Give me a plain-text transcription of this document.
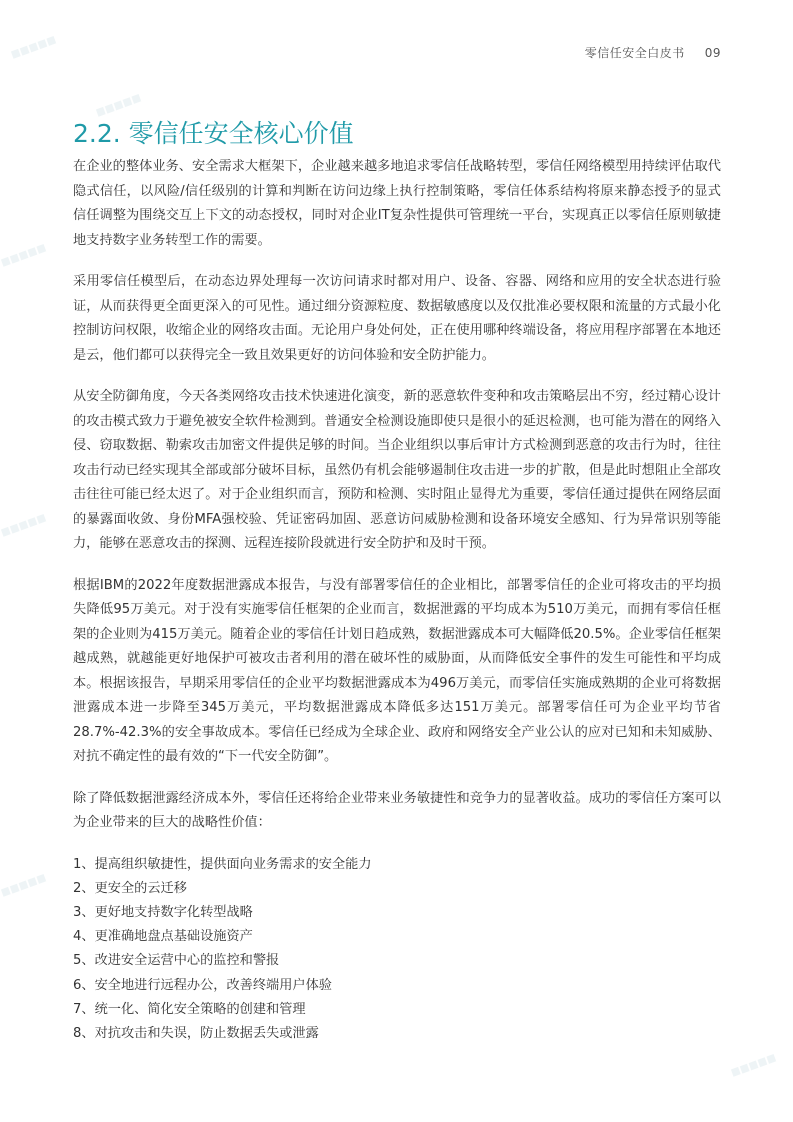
■■■■■
■■■■■
■■■■■
■■■■■
■■■■■
■■■■■
零信任安全白皮书 09
2.2. 零信任安全核心价值

在企业的整体业务、安全需求大框架下，企业越来越多地追求零信任战略转型，零信任网络模型用持续评估取代隐式信任，以风险/信任级别的计算和判断在访问边缘上执行控制策略，零信任体系结构将原来静态授予的显式信任调整为围绕交互上下文的动态授权，同时对企业IT复杂性提供可管理统一平台，实现真正以零信任原则敏捷地支持数字业务转型工作的需要。

采用零信任模型后，在动态边界处理每一次访问请求时都对用户、设备、容器、网络和应用的安全状态进行验证，从而获得更全面更深入的可见性。通过细分资源粒度、数据敏感度以及仅批准必要权限和流量的方式最小化控制访问权限，收缩企业的网络攻击面。无论用户身处何处，正在使用哪种终端设备，将应用程序部署在本地还是云，他们都可以获得完全一致且效果更好的访问体验和安全防护能力。

从安全防御角度，今天各类网络攻击技术快速进化演变，新的恶意软件变种和攻击策略层出不穷，经过精心设计的攻击模式致力于避免被安全软件检测到。普通安全检测设施即使只是很小的延迟检测，也可能为潜在的网络入侵、窃取数据、勒索攻击加密文件提供足够的时间。当企业组织以事后审计方式检测到恶意的攻击行为时，往往攻击行动已经实现其全部或部分破坏目标，虽然仍有机会能够遏制住攻击进一步的扩散，但是此时想阻止全部攻击往往可能已经太迟了。对于企业组织而言，预防和检测、实时阻止显得尤为重要，零信任通过提供在网络层面的暴露面收敛、身份MFA强校验、凭证密码加固、恶意访问威胁检测和设备环境安全感知、行为异常识别等能力，能够在恶意攻击的探测、远程连接阶段就进行安全防护和及时干预。

根据IBM的2022年度数据泄露成本报告，与没有部署零信任的企业相比，部署零信任的企业可将攻击的平均损失降低95万美元。对于没有实施零信任框架的企业而言，数据泄露的平均成本为510万美元，而拥有零信任框架的企业则为415万美元。随着企业的零信任计划日趋成熟，数据泄露成本可大幅降低20.5%。企业零信任框架越成熟，就越能更好地保护可被攻击者利用的潜在破坏性的威胁面，从而降低安全事件的发生可能性和平均成本。根据该报告，早期采用零信任的企业平均数据泄露成本为496万美元，而零信任实施成熟期的企业可将数据泄露成本进一步降至345万美元，平均数据泄露成本降低多达151万美元。部署零信任可为企业平均节省28.7%-42.3%的安全事故成本。零信任已经成为全球企业、政府和网络安全产业公认的应对已知和未知威胁、对抗不确定性的最有效的“下一代安全防御”。

除了降低数据泄露经济成本外，零信任还将给企业带来业务敏捷性和竞争力的显著收益。成功的零信任方案可以为企业带来的巨大的战略性价值：

1、提高组织敏捷性，提供面向业务需求的安全能力
2、更安全的云迁移
3、更好地支持数字化转型战略
4、更准确地盘点基础设施资产
5、改进安全运营中心的监控和警报
6、安全地进行远程办公，改善终端用户体验
7、统一化、简化安全策略的创建和管理
8、对抗攻击和失误，防止数据丢失或泄露
